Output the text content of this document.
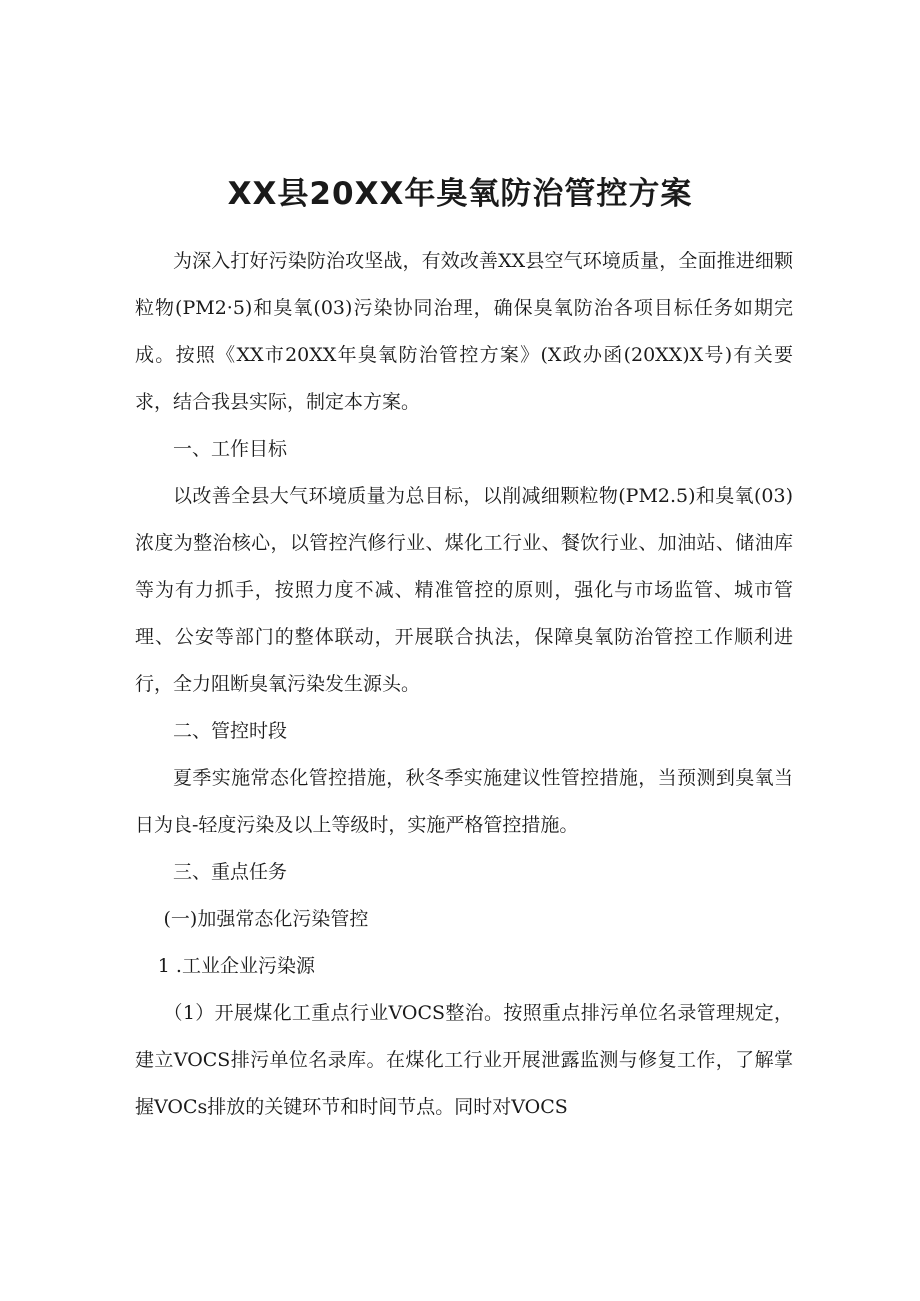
XX县20XX年臭氧防治管控方案

为深入打好污染防治攻坚战，有效改善XX县空气环境质量，全面推进细颗粒物(PM2·5)和臭氧(03)污染协同治理，确保臭氧防治各项目标任务如期完成。按照《XX市20XX年臭氧防治管控方案》(X政办函(20XX)X号)有关要求，结合我县实际，制定本方案。

一、工作目标

以改善全县大气环境质量为总目标，以削减细颗粒物(PM2.5)和臭氧(03)浓度为整治核心，以管控汽修行业、煤化工行业、餐饮行业、加油站、储油库等为有力抓手，按照力度不减、精准管控的原则，强化与市场监管、城市管理、公安等部门的整体联动，开展联合执法，保障臭氧防治管控工作顺利进行，全力阻断臭氧污染发生源头。

二、管控时段

夏季实施常态化管控措施，秋冬季实施建议性管控措施，当预测到臭氧当日为良-轻度污染及以上等级时，实施严格管控措施。

三、重点任务

(一)加强常态化污染管控

1 .工业企业污染源

（1）开展煤化工重点行业VOCS整治。按照重点排污单位名录管理规定，建立VOCS排污单位名录库。在煤化工行业开展泄露监测与修复工作，了解掌握VOCs排放的关键环节和时间节点。同时对VOCS
